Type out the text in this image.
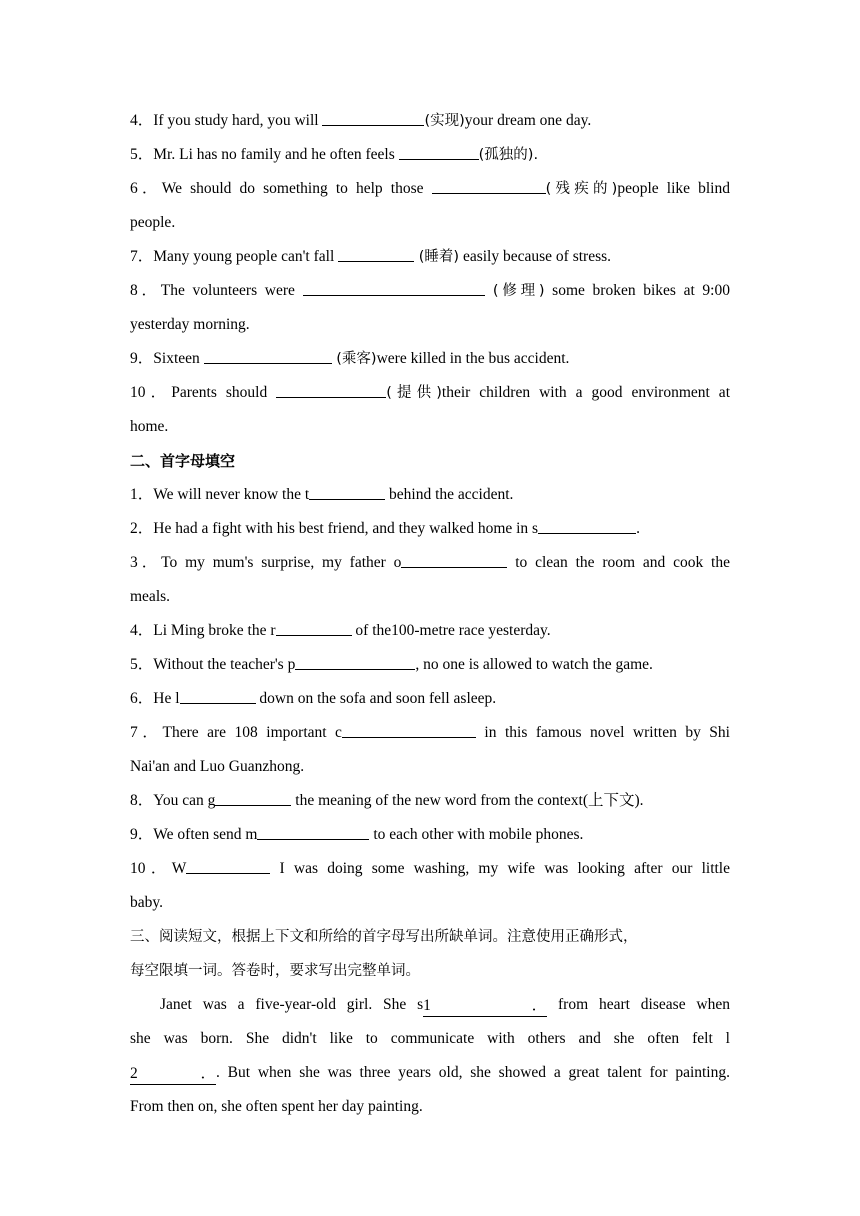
4．If you study hard, you will	(实现)your dream one day.
5．Mr. Li has no family and he often feels	(孤独的).
6．We should do something to help those	(残疾的)people like blind
people.
7．Many young people can't fall	(睡着) easily because of stress.
8．The volunteers were	(修理) some broken bikes at 9:00
yesterday morning.
9．Sixteen	(乘客)were killed in the bus accident.
10．Parents should	(提供)their children with a good environment at
home.
二、首字母填空
1．We will never know the t	behind the accident.
2．He had a fight with his best friend, and they walked home in s	.
3．To my mum's surprise, my father o	to clean the room and cook the
meals.
4．Li Ming broke the r	of the100-metre race yesterday.
5．Without the teacher's p	, no one is allowed to watch the game.
6．He l	down on the sofa and soon fell asleep.
7．There are 108 important c	in this famous novel written by Shi
Nai'an and Luo Guanzhong.
8．You can g	the meaning of the new word from the context(上下文).
9．We often send m	to each other with mobile phones.
10．W	I was doing some washing, my wife was looking after our little
baby.
三、阅读短文，根据上下文和所给的首字母写出所缺单词。注意使用正确形式，
每空限填一词。答卷时，要求写出完整单词。
Janet was a five-year-old girl. She s1． from heart disease when
she was born. She didn't like to communicate with others and she often felt l
2．. But when she was three years old, she showed a great talent for painting.
From then on, she often spent her day painting.
